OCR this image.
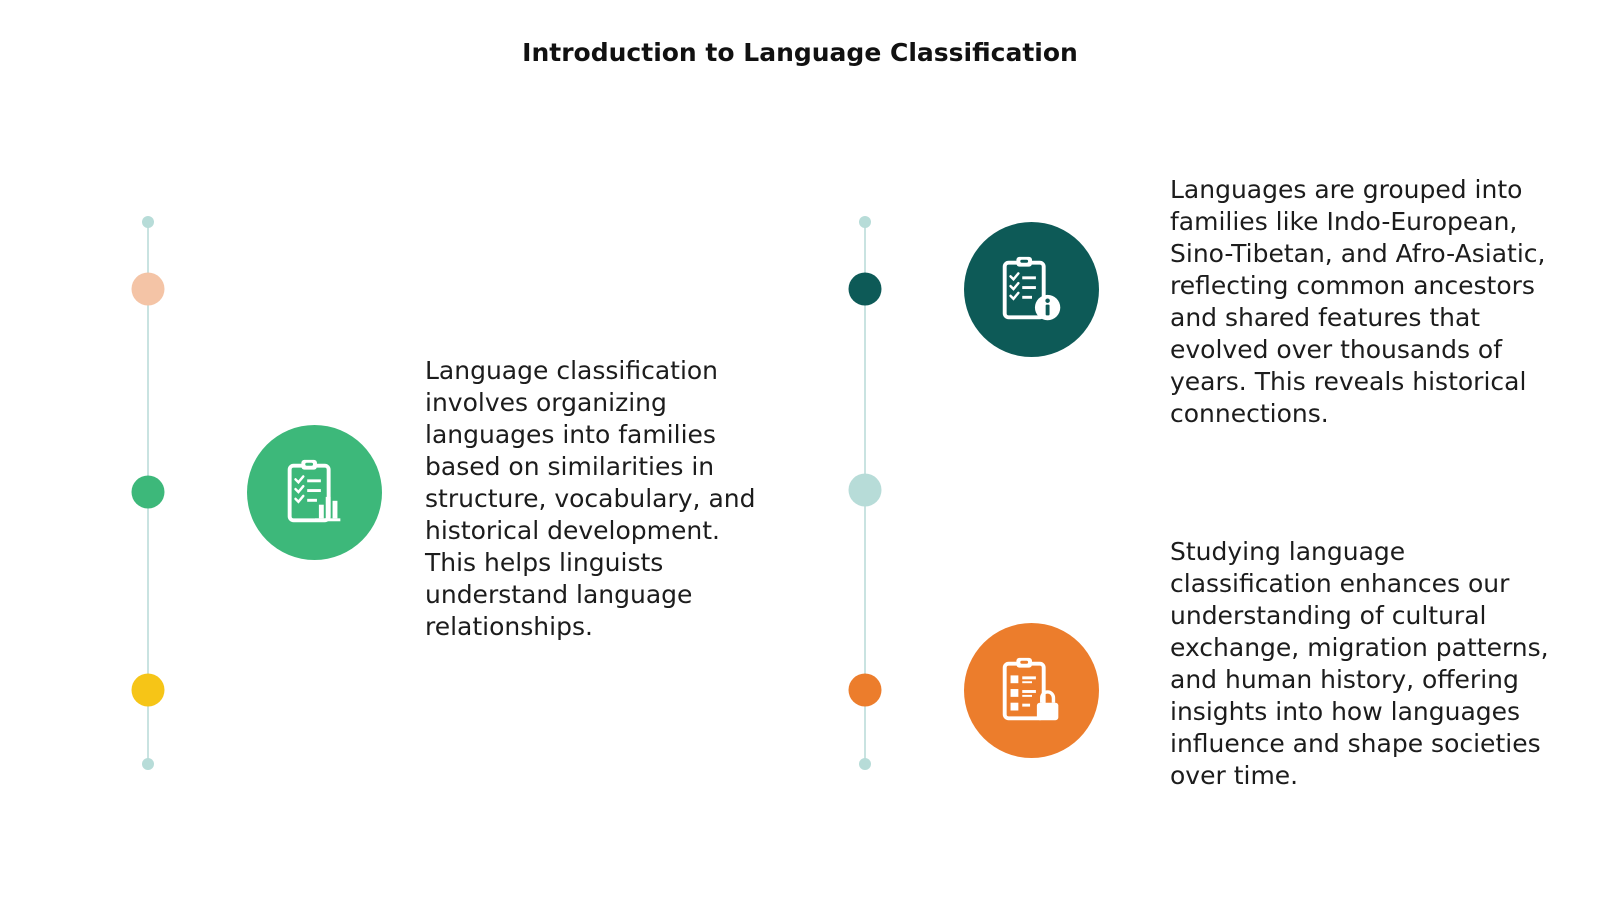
Introduction to Language Classification
Language classification involves organizing languages into families based on similarities in structure, vocabulary, and historical development. This helps linguists understand language relationships.
Languages are grouped into families like Indo-European, Sino-Tibetan, and Afro-Asiatic, reflecting common ancestors and shared features that evolved over thousands of years. This reveals historical connections.
Studying language classification enhances our understanding of cultural exchange, migration patterns, and human history, offering insights into how languages influence and shape societies over time.
